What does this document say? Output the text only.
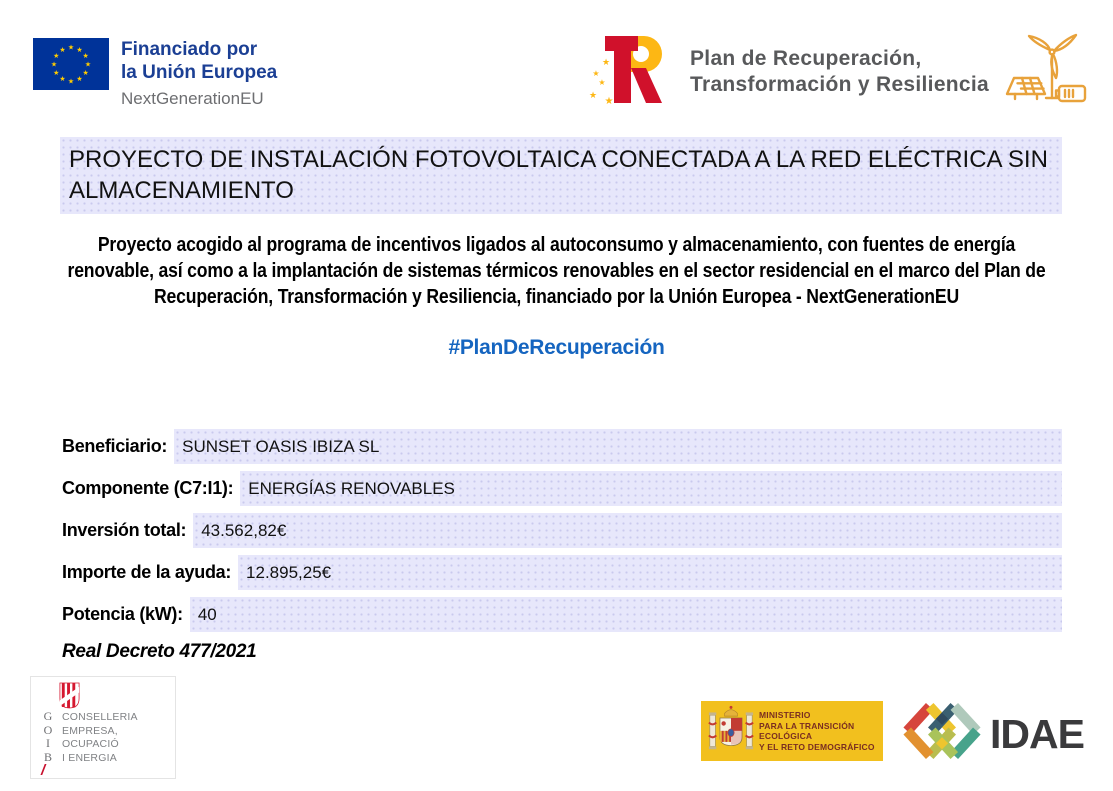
★ ★
★
★
★
★
★
★
★
★
★
★	Financiado por
la Unión Europea
NextGenerationEU
★
★
★
★ ★
Plan de Recuperación,
Transformación y Resiliencia
PROYECTO DE INSTALACIÓN FOTOVOLTAICA CONECTADA A LA RED ELÉCTRICA SIN ALMACENAMIENTO
Proyecto acogido al programa de incentivos ligados al autoconsumo y almacenamiento, con fuentes de energía renovable, así como a la implantación de sistemas térmicos renovables en el sector residencial en el marco del Plan de Recuperación, Transformación y Resiliencia, financiado por la Unión Europea - NextGenerationEU
#PlanDeRecuperación
Beneficiario: SUNSET OASIS IBIZA SL
Componente (C7:I1): ENERGÍAS RENOVABLES
Inversión total: 43.562,82€
Importe de la ayuda: 12.895,25€
Potencia (kW): 40
Real Decreto 477/2021
G
O
I
B
CONSELLERIA
EMPRESA, OCUPACIÓ
I ENERGIA
/
MINISTERIO
PARA LA TRANSICIÓN ECOLÓGICA
Y EL RETO DEMOGRÁFICO	IDAE
